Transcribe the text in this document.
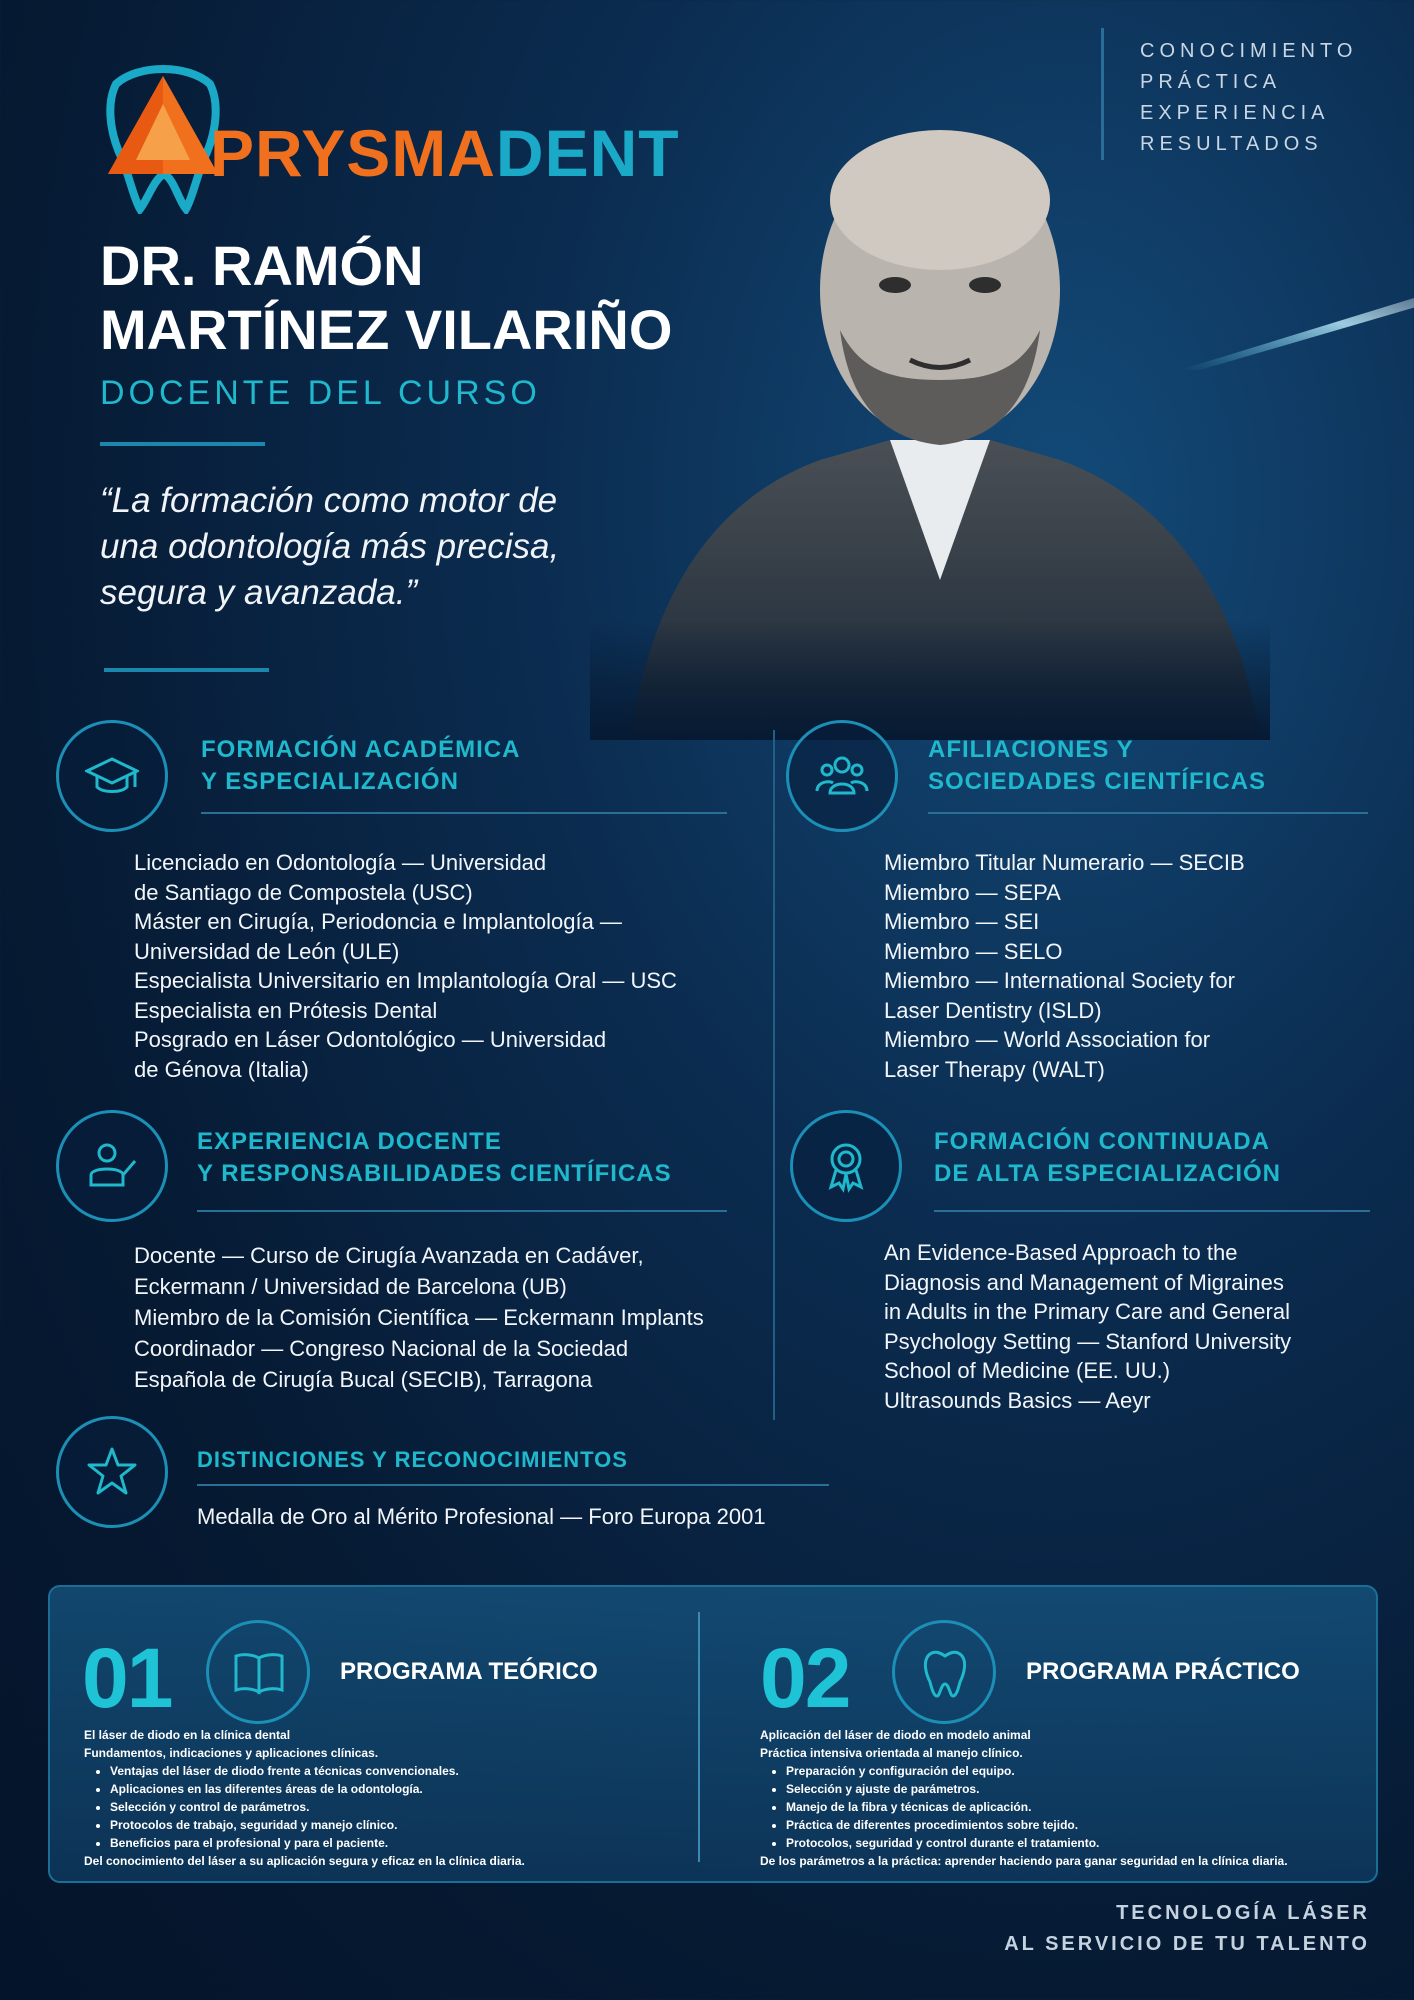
PRYSMADENT
CONOCIMIENTO
PRÁCTICA
EXPERIENCIA
RESULTADOS
DR. RAMÓN
MARTÍNEZ VILARIÑO
DOCENTE DEL CURSO
“La formación como motor de
una odontología más precisa,
segura y avanzada.”
FORMACIÓN ACADÉMICA
Y ESPECIALIZACIÓN
Licenciado en Odontología — Universidad
de Santiago de Compostela (USC)
Máster en Cirugía, Periodoncia e Implantología —
Universidad de León (ULE)
Especialista Universitario en Implantología Oral — USC
Especialista en Prótesis Dental
Posgrado en Láser Odontológico — Universidad
de Génova (Italia)
AFILIACIONES Y
SOCIEDADES CIENTÍFICAS
Miembro Titular Numerario — SECIB
Miembro — SEPA
Miembro — SEI
Miembro — SELO
Miembro — International Society for
Laser Dentistry (ISLD)
Miembro — World Association for
Laser Therapy (WALT)
EXPERIENCIA DOCENTE
Y RESPONSABILIDADES CIENTÍFICAS
Docente — Curso de Cirugía Avanzada en Cadáver,
Eckermann / Universidad de Barcelona (UB)
Miembro de la Comisión Científica — Eckermann Implants
Coordinador — Congreso Nacional de la Sociedad
Española de Cirugía Bucal (SECIB), Tarragona
FORMACIÓN CONTINUADA
DE ALTA ESPECIALIZACIÓN
An Evidence-Based Approach to the
Diagnosis and Management of Migraines
in Adults in the Primary Care and General
Psychology Setting — Stanford University
School of Medicine (EE. UU.)
Ultrasounds Basics — Aeyr
DISTINCIONES Y RECONOCIMIENTOS
Medalla de Oro al Mérito Profesional — Foro Europa 2001
01	PROGRAMA TEÓRICO
El láser de diodo en la clínica dental
Fundamentos, indicaciones y aplicaciones clínicas.
• Ventajas del láser de diodo frente a técnicas convencionales.
• Aplicaciones en las diferentes áreas de la odontología.
• Selección y control de parámetros.
• Protocolos de trabajo, seguridad y manejo clínico.
• Beneficios para el profesional y para el paciente.
Del conocimiento del láser a su aplicación segura y eficaz en la clínica diaria.
02	PROGRAMA PRÁCTICO
Aplicación del láser de diodo en modelo animal
Práctica intensiva orientada al manejo clínico.
• Preparación y configuración del equipo.
• Selección y ajuste de parámetros.
• Manejo de la fibra y técnicas de aplicación.
• Práctica de diferentes procedimientos sobre tejido.
• Protocolos, seguridad y control durante el tratamiento.
De los parámetros a la práctica: aprender haciendo para ganar seguridad en la clínica diaria.
TECNOLOGÍA LÁSER
AL SERVICIO DE TU TALENTO
